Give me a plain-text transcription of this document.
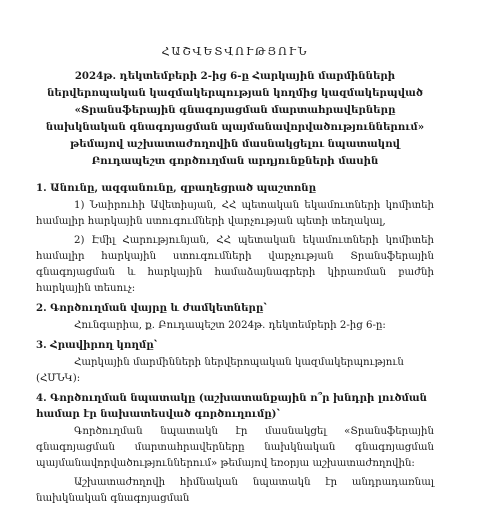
ՀԱՇՎԵՏՎՈՒԹՅՈՒՆ
2024թ. դեկտեմբերի 2-ից 6-ը Հարկային մարմինների ներվերոպական կազմակերպության կողմից կազմակերպված «Տրանսֆերային գնագոյացման մարտահրավերները նախկնական գնագոյացման պայմանավորվածություններում» թեմայով աշխատաժողովին մասնակցելու նպատակով Բուդապեշտ գործուղման արդյունքների մասին
1. Անունը, ազգանունը, զբաղեցրած պաշտոնը

1) Նաիրուհի Ավետիսյան, ՀՀ պետական եկամուտների կոմիտեի համալիր հարկային ստուգումների վարչության պետի տեղակալ,

2) Էմիլ Հարությունյան, ՀՀ պետական եկամուտների կոմիտեի համալիր հարկային ստուգումների վարչության Տրանսֆերային գնագոյացման և հարկային համաձայնագրերի կիրառման բաժնի հարկային տեսուչ:

2. Գործուղման վայրը և ժամկետները՝

Հունգարիա, ք. Բուդապեշտ 2024թ. դեկտեմբերի 2-ից 6-ը:

3. Հրավիրող կողմը՝

Հարկային մարմինների ներվերոպական կազմակերպություն (ՀՄՆԿ):

4. Գործուղման նպատակը (աշխատանքային ո՞ր խնդրի լուծման համար էր նախատեսված գործուղումը)՝

Գործուղման նպատակն էր մասնակցել «Տրանսֆերային գնագոյացման մարտահրավերները նախկնական գնագոյացման պայմանավորվածություններում» թեմայով եռօրյա աշխատաժողովին:

Աշխատաժողովի հիմնական նպատակն էր անդրադառնալ նախկնական գնագոյացման
